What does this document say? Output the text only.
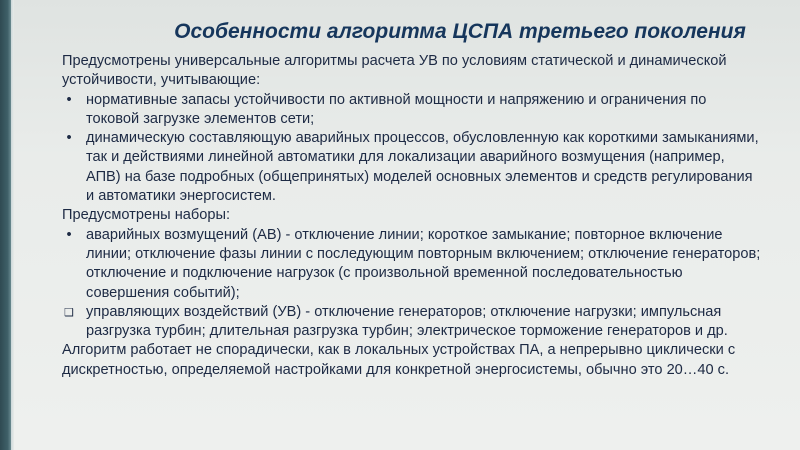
Особенности алгоритма ЦСПА третьего поколения

Предусмотрены универсальные алгоритмы расчета УВ по условиям статической и динамической устойчивости, учитывающие:

• нормативные запасы устойчивости по активной мощности и напряжению и ограничения по токовой загрузке элементов сети;
• динамическую составляющую аварийных процессов, обусловленную как короткими замыканиями, так и действиями линейной автоматики для локализации аварийного возмущения (например, АПВ) на базе подробных (общепринятых) моделей основных элементов и средств регулирования и автоматики энергосистем.

Предусмотрены наборы:

• аварийных возмущений (АВ) - отключение линии; короткое замыкание; повторное включение линии; отключение фазы линии с последующим повторным включением; отключение генераторов; отключение и подключение нагрузок (с произвольной временной последовательностью совершения событий);
❑ управляющих воздействий (УВ) - отключение генераторов; отключение нагрузки; импульсная разгрузка турбин; длительная разгрузка турбин; электрическое торможение генераторов и др.

Алгоритм работает не спорадически, как в локальных устройствах ПА, а непрерывно циклически с дискретностью, определяемой настройками для конкретной энергосистемы, обычно это 20…40 с.
